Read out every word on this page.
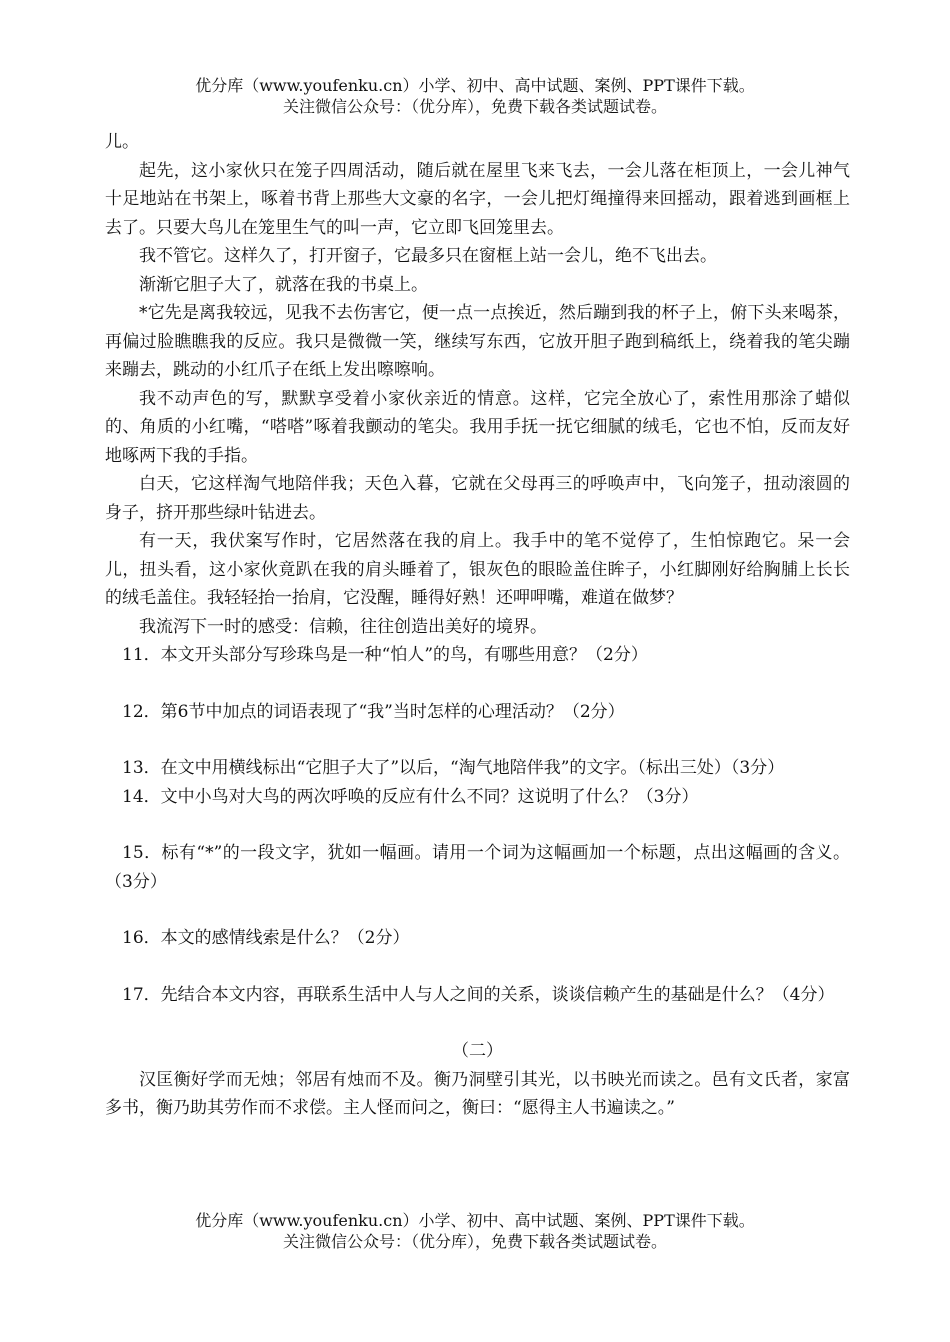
优分库（www.youfenku.cn）小学、初中、高中试题、案例、PPT课件下载。
关注微信公众号：（优分库），免费下载各类试题试卷。

儿。

起先，这小家伙只在笼子四周活动，随后就在屋里飞来飞去，一会儿落在柜顶上，一会儿神气十足地站在书架上，啄着书背上那些大文豪的名字，一会儿把灯绳撞得来回摇动，跟着逃到画框上去了。只要大鸟儿在笼里生气的叫一声，它立即飞回笼里去。

我不管它。这样久了，打开窗子，它最多只在窗框上站一会儿，绝不飞出去。

渐渐它胆子大了，就落在我的书桌上。

*它先是离我较远，见我不去伤害它，便一点一点挨近，然后蹦到我的杯子上，俯下头来喝茶，再偏过脸瞧瞧我的反应。我只是微微一笑，继续写东西，它放开胆子跑到稿纸上，绕着我的笔尖蹦来蹦去，跳动的小红爪子在纸上发出嚓嚓响。

我不动声色的写，默默享受着小家伙亲近的情意。这样，它完全放心了，索性用那涂了蜡似的、角质的小红嘴，“嗒嗒”啄着我颤动的笔尖。我用手抚一抚它细腻的绒毛，它也不怕，反而友好地啄两下我的手指。

白天，它这样淘气地陪伴我；天色入暮，它就在父母再三的呼唤声中，飞向笼子，扭动滚圆的身子，挤开那些绿叶钻进去。

有一天，我伏案写作时，它居然落在我的肩上。我手中的笔不觉停了，生怕惊跑它。呆一会儿，扭头看，这小家伙竟趴在我的肩头睡着了，银灰色的眼睑盖住眸子，小红脚刚好给胸脯上长长的绒毛盖住。我轻轻抬一抬肩，它没醒，睡得好熟！还呷呷嘴，难道在做梦？

我流泻下一时的感受：信赖，往往创造出美好的境界。

11．本文开头部分写珍珠鸟是一种“怕人”的鸟，有哪些用意？（2分）

12．第6节中加点的词语表现了“我”当时怎样的心理活动？（2分）

13．在文中用横线标出“它胆子大了”以后，“淘气地陪伴我”的文字。（标出三处）（3分）

14．文中小鸟对大鸟的两次呼唤的反应有什么不同？这说明了什么？（3分）

15．标有“*”的一段文字，犹如一幅画。请用一个词为这幅画加一个标题，点出这幅画的含义。（3分）

16．本文的感情线索是什么？（2分）

17．先结合本文内容，再联系生活中人与人之间的关系，谈谈信赖产生的基础是什么？（4分）

（二）

汉匡衡好学而无烛；邻居有烛而不及。衡乃洞壁引其光，以书映光而读之。邑有文氏者，家富多书，衡乃助其劳作而不求偿。主人怪而问之，衡曰：“愿得主人书遍读之。”

优分库（www.youfenku.cn）小学、初中、高中试题、案例、PPT课件下载。
关注微信公众号：（优分库），免费下载各类试题试卷。
